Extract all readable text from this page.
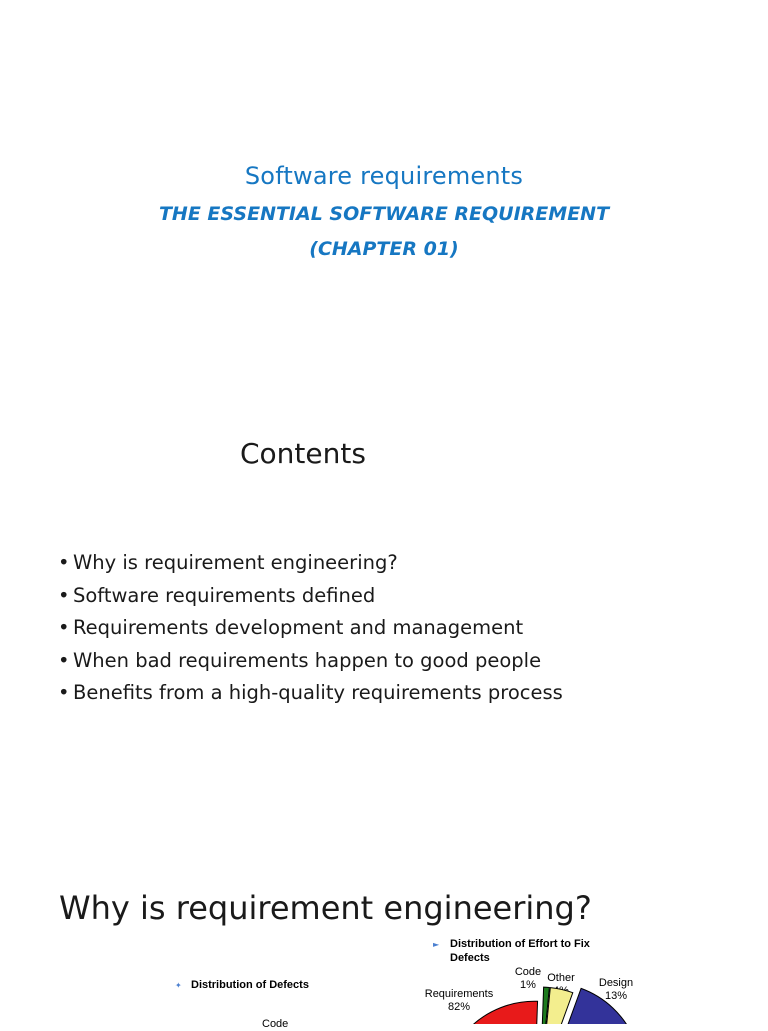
Software requirements
THE ESSENTIAL SOFTWARE REQUIREMENT
(CHAPTER 01)
Contents
• Why is requirement engineering?
• Software requirements defined
• Requirements development and management
• When bad requirements happen to good people
• Benefits from a high-quality requirements process
Why is requirement engineering?
✦ Distribution of Defects
Code
► Distribution of Effort to Fix
Defects
Requirements
82%
Code
1%
Other	Design
13%
